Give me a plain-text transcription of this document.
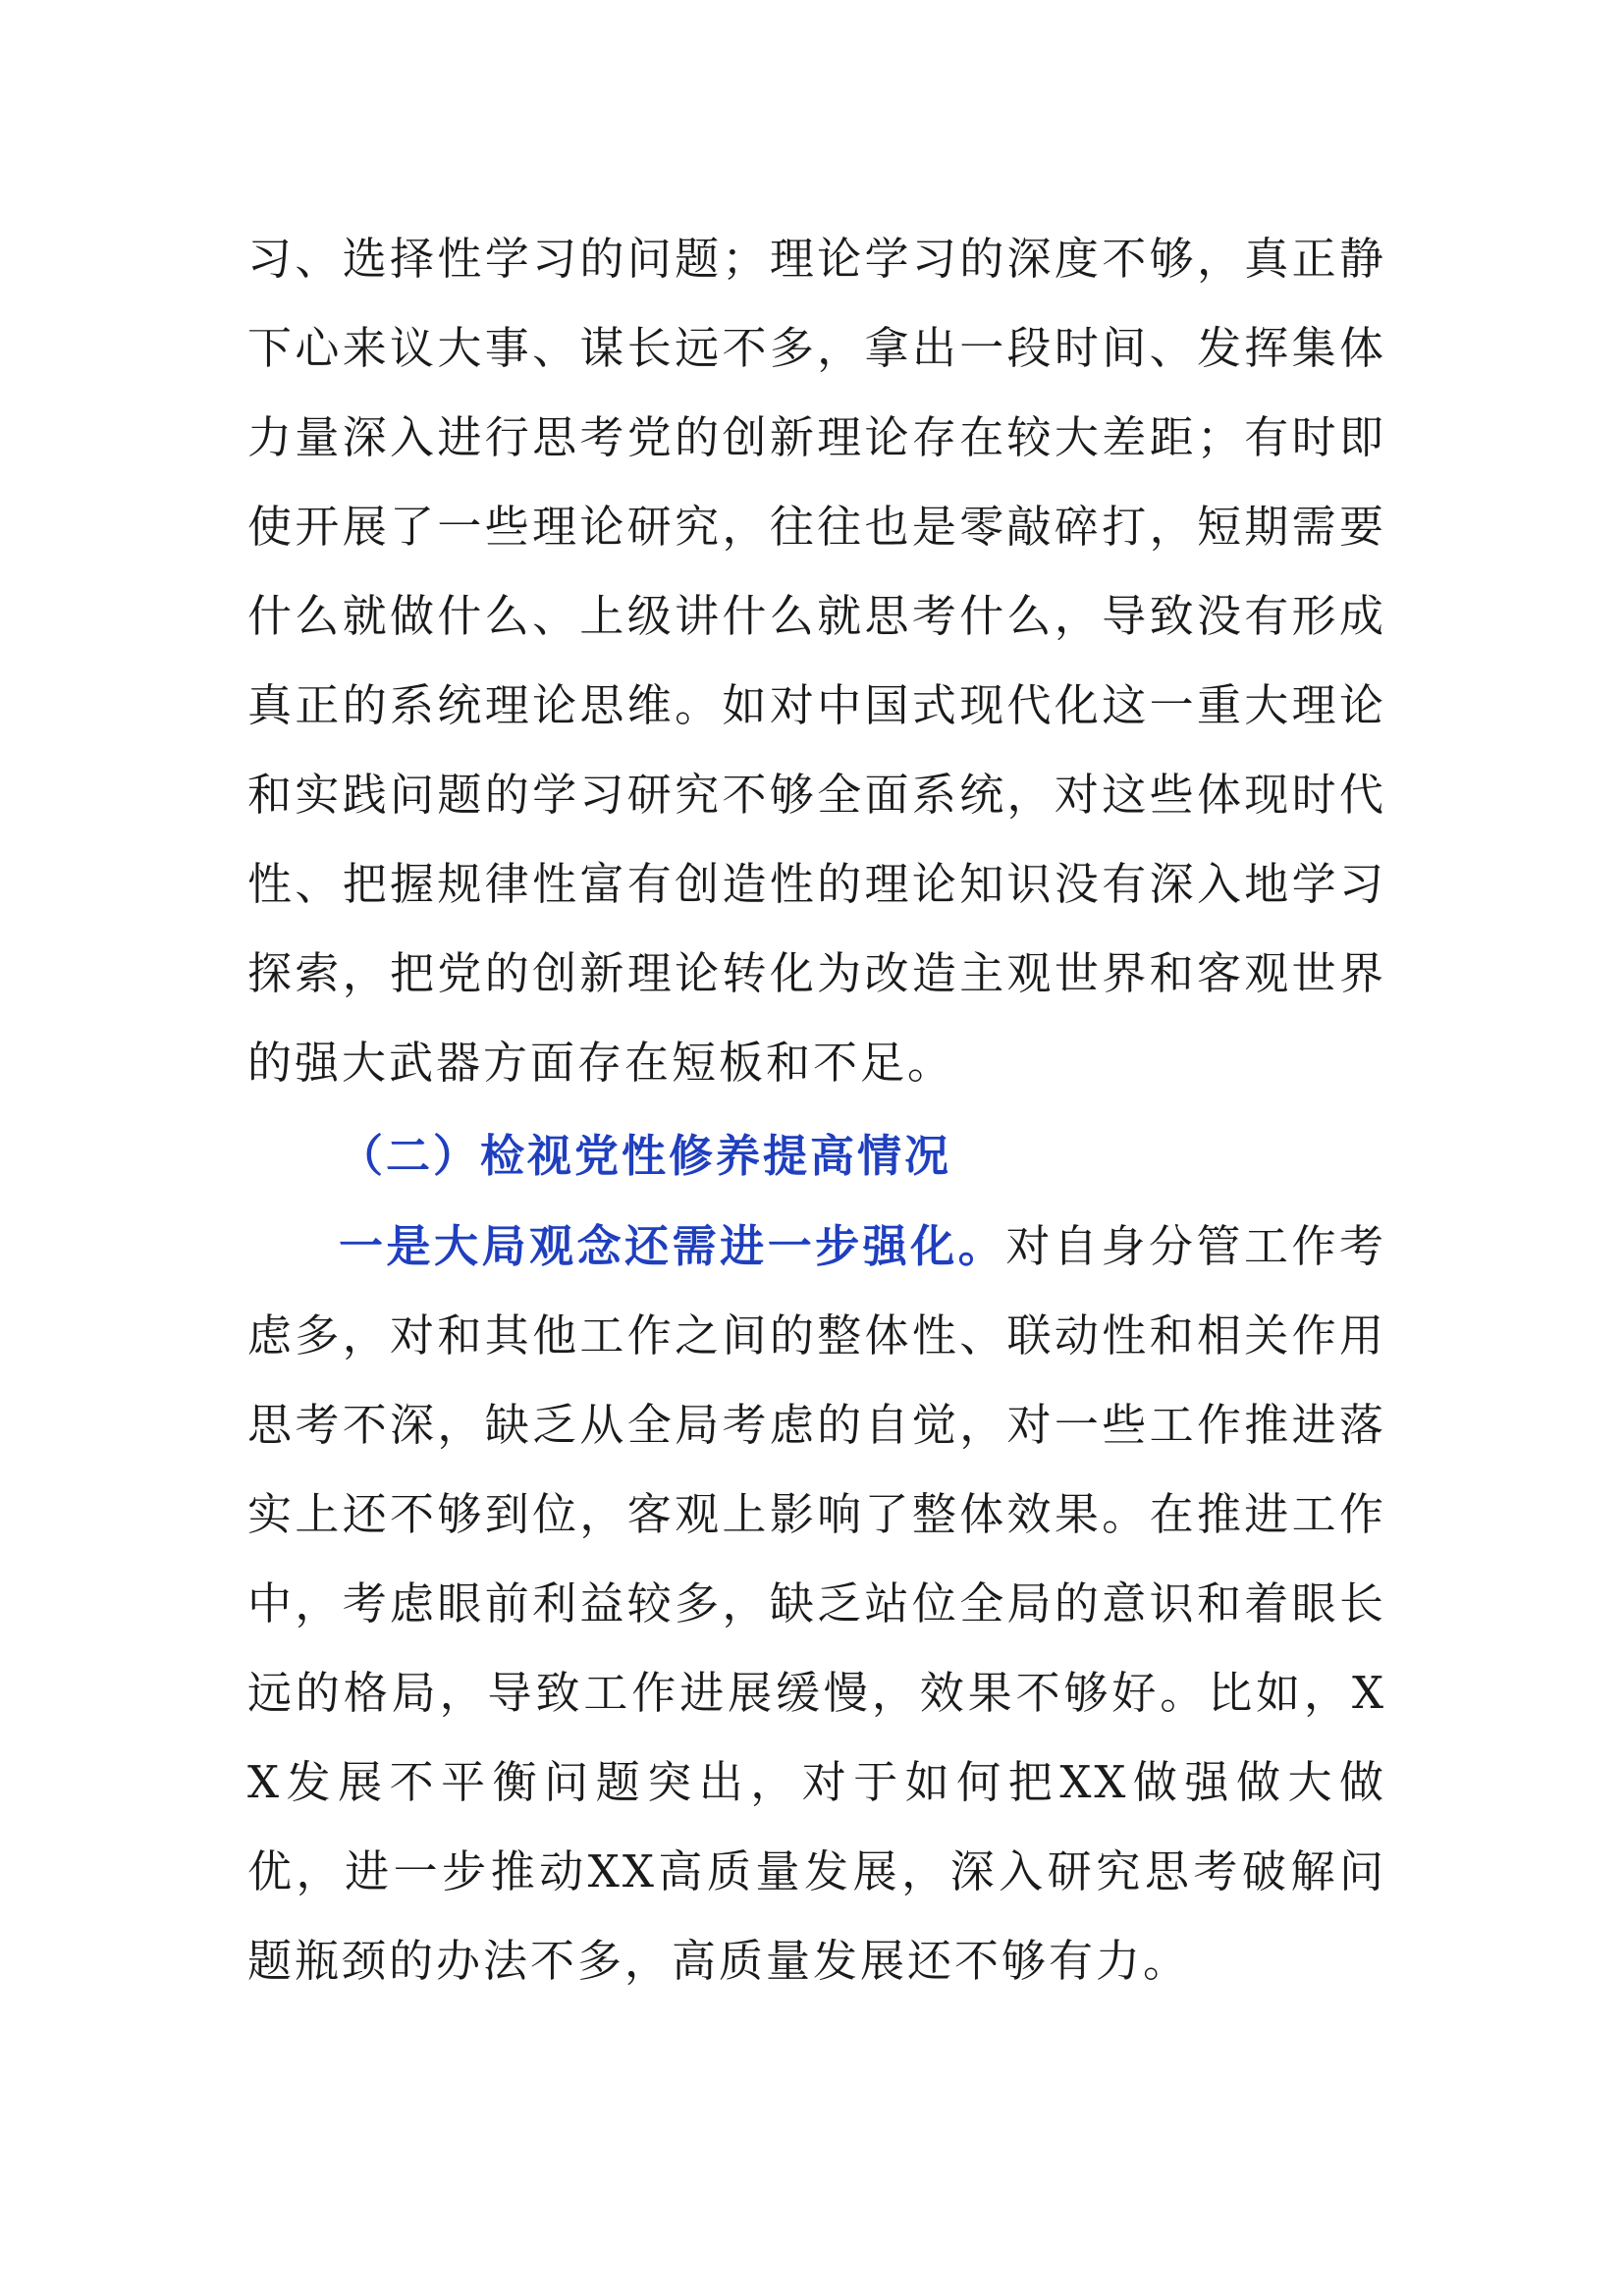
习、选择性学习的问题；理论学习的深度不够，真正静下心来议大事、谋长远不多，拿出一段时间、发挥集体力量深入进行思考党的创新理论存在较大差距；有时即使开展了一些理论研究，往往也是零敲碎打，短期需要什么就做什么、上级讲什么就思考什么，导致没有形成真正的系统理论思维。如对中国式现代化这一重大理论和实践问题的学习研究不够全面系统，对这些体现时代性、把握规律性富有创造性的理论知识没有深入地学习探索，把党的创新理论转化为改造主观世界和客观世界的强大武器方面存在短板和不足。

（二）检视党性修养提高情况

一是大局观念还需进一步强化。对自身分管工作考虑多，对和其他工作之间的整体性、联动性和相关作用思考不深，缺乏从全局考虑的自觉，对一些工作推进落实上还不够到位，客观上影响了整体效果。在推进工作中，考虑眼前利益较多，缺乏站位全局的意识和着眼长远的格局，导致工作进展缓慢，效果不够好。比如，XX发展不平衡问题突出，对于如何把XX做强做大做优，进一步推动XX高质量发展，深入研究思考破解问题瓶颈的办法不多，高质量发展还不够有力。
